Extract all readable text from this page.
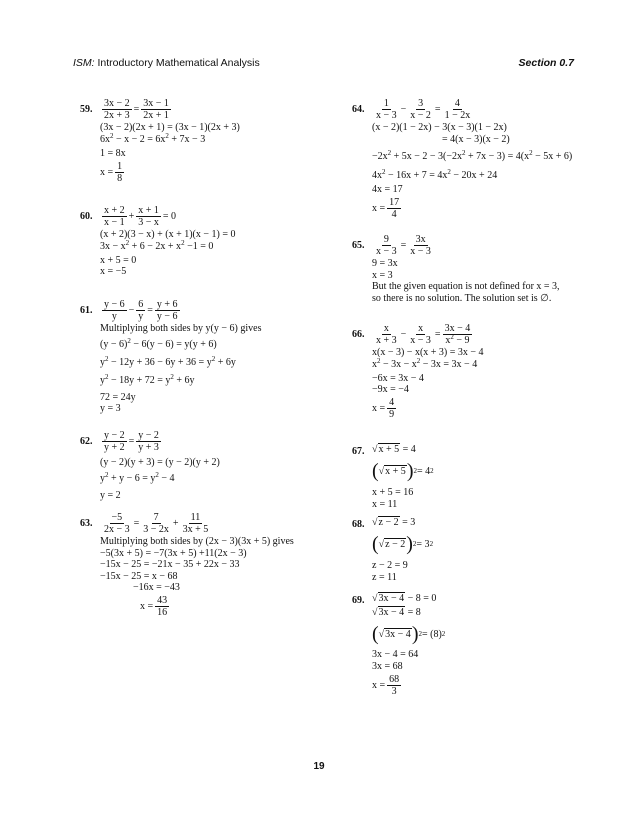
ISM: Introductory Mathematical Analysis	Section 0.7
59. $\frac{3x - 2}{2x + 3} = \frac{3x - 1}{2x + 1}$
(3x − 2)(2x + 1) = (3x − 1)(2x + 3)
$6x^2 - x - 2 = 6x^2 + 7x - 3$
1 = 8x
$x = \frac{1}{8}$
60. $\frac{x + 2}{x - 1} + \frac{x + 1}{3 - x} = 0$
(x + 2)(3 − x) + (x + 1)(x − 1) = 0
$3x - x^2 + 6 - 2x + x^2 -1 = 0$
x + 5 = 0
x = −5
61. $\frac{y - 6}{y} - \frac{6}{y} = \frac{y + 6}{y - 6}$
Multiplying both sides by y(y − 6) gives
$(y - 6)^2 - 6(y - 6) = y(y + 6)$
$y^2 - 12y + 36 - 6y + 36 = y^2 + 6y$
$y^2 - 18y + 72 = y^2 + 6y$
72 = 24y
y = 3
62. $\frac{y - 2}{y + 2} = \frac{y - 2}{y + 3}$
(y − 2)(y + 3) = (y − 2)(y + 2)
$y^2 + y - 6 = y^2 - 4$
y = 2
63. $\frac{-5}{2x - 3} = \frac{7}{3 - 2x} + \frac{11}{3x + 5}$
Multiplying both sides by (2x − 3)(3x + 5) gives
−5(3x + 5) = −7(3x + 5) +11(2x − 3)
−15x − 25 = −21x − 35 + 22x − 33
−15x − 25 = x − 68
−16x = −43
$x = \frac{43}{16}$
64. $\frac{1}{x - 3} - \frac{3}{x - 2} = \frac{4}{1 - 2x}$
(x − 2)(1 − 2x) − 3(x − 3)(1 − 2x)
= 4(x − 3)(x − 2)
$-2x^2 + 5x - 2 - 3(-2x^2 + 7x - 3) = 4(x^2 - 5x + 6)$
$4x^2 - 16x + 7 = 4x^2 - 20x + 24$
4x = 17
$x = \frac{17}{4}$
65. $\frac{9}{x - 3} = \frac{3x}{x - 3}$
9 = 3x
x = 3
But the given equation is not defined for x = 3,
so there is no solution. The solution set is ∅.
66. $\frac{x}{x + 3} - \frac{x}{x - 3} = \frac{3x - 4}{x^2 - 9}$
x(x − 3) − x(x + 3) = 3x − 4
$x^2 - 3x - x^2 - 3x = 3x - 4$
−6x = 3x − 4
−9x = −4
$x = \frac{4}{9}$
67. √x + 5 = 4
( √x + 5 ) 2 = 4 2
x + 5 = 16
x = 11
68. √z − 2 = 3
( √z − 2 ) 2 = 3 2
z − 2 = 9
z = 11
69. √3x − 4 − 8 = 0
√3x − 4 = 8
( √3x − 4 ) 2 = (8) 2
3x − 4 = 64
3x = 68
$x = \frac{68}{3}$
19
